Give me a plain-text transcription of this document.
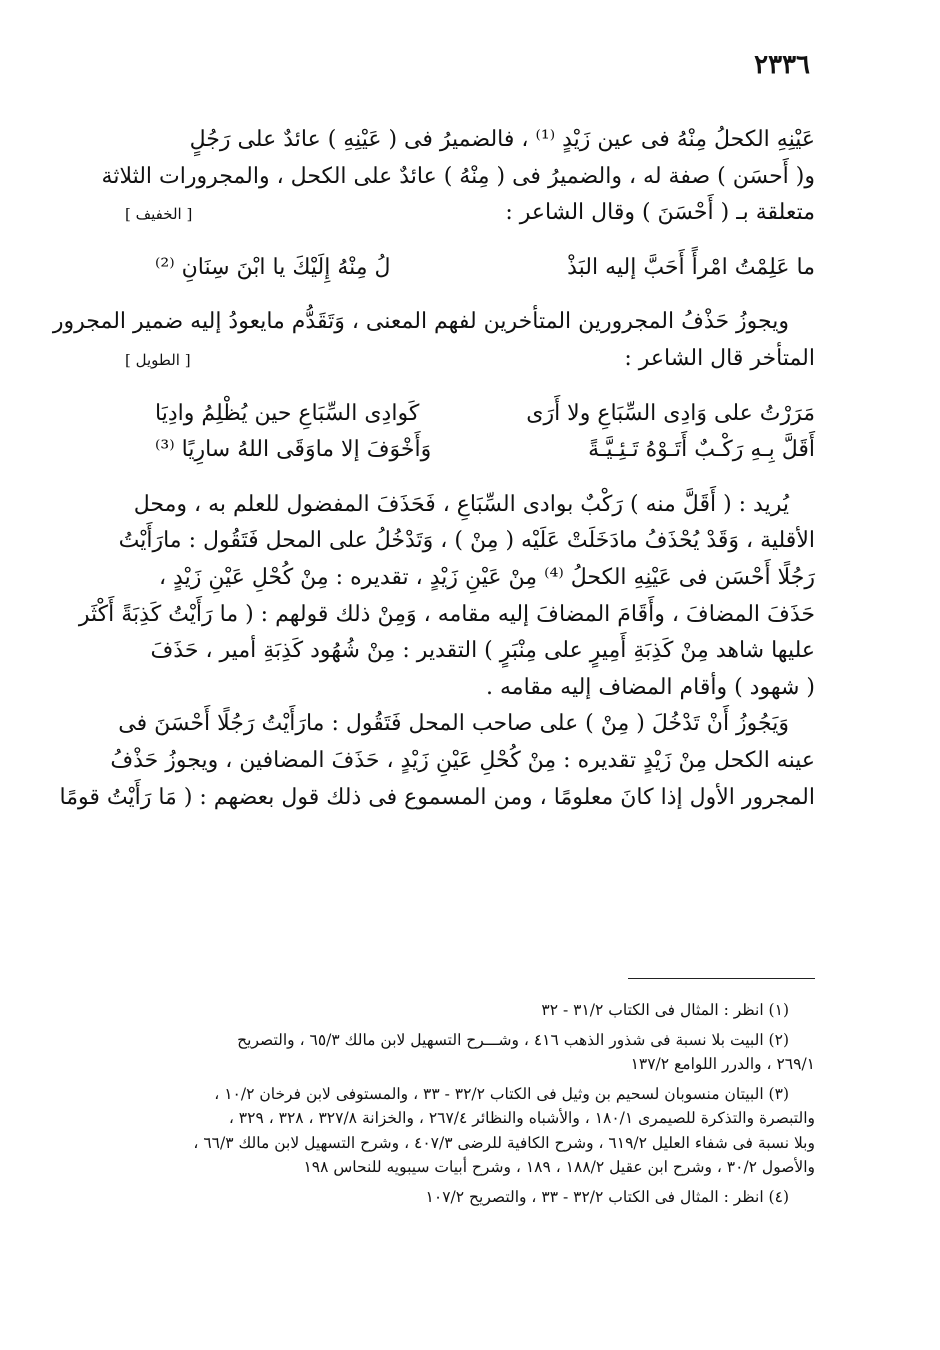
٢٣٣٦
عَيْنِهِ الكحلُ مِنْهُ فى عين زَيْدٍ ⁽¹⁾ ، فالضميرُ فى ( عَيْنِهِ ) عائدٌ على رَجُلٍ
و( أَحسَن ) صفة له ، والضميرُ فى ( مِنْهُ ) عائدٌ على الكحل ، والمجرورات الثلاثة
متعلقة بـ ( أَحْسَنَ ) وقال الشاعر :
[ الخفيف ]
ما عَلِمْتُ امْرأً أَحَبَّ إليه البَذْ
لُ مِنْهُ إِلَيْكَ يا ابْنَ سِنَانِ ⁽²⁾
ويجوزُ حَذْفُ المجرورين المتأخرين لفهم المعنى ، وَتَقَدُّم مايعودُ إليه ضمير المجرور
المتأخر قال الشاعر :
[ الطويل ]
مَرَرْتُ على وَادِى السِّبَاعِ ولا أَرَى
كَوادِى السِّبَاعِ حين يُظْلِمُ وادِيَا
أَقَلَّ بِـهِ رَكْـبٌ أَتَـوْهُ تَـئِـيَّـةً
وَأَخْوَفَ إلا ماوَقَى اللهُ سارِيًا ⁽³⁾
يُريد : ( أَقَلَّ منه ) رَكْبٌ بوادى السِّبَاعِ ، فَحَذَفَ المفضول للعلم به ، ومحل
الأقلية ، وَقَدْ يُحْذَفُ مادَخَلَتْ عَلَيْه ( مِنْ ) ، وَتَدْخُلُ على المحل فَتَقُول : مارَأَيْتُ
رَجُلًا أَحْسَن فى عَيْنِهِ الكحلُ ⁽⁴⁾ مِنْ عَيْنِ زَيْدٍ ، تقديره : مِنْ كُحْلِ عَيْنِ زَيْدٍ ،
حَذَفَ المضافَ ، وأَقَامَ المضافَ إليه مقامه ، وَمِنْ ذلك قولهم : ( ما رَأَيْتُ كَذِبَةً أَكْثَر
عليها شاهد مِنْ كَذِبَةِ أَمِيرٍ على مِنْبَرٍ ) التقدير : مِنْ شُهُود كَذِبَةِ أمير ، حَذَفَ
( شهود ) وأقام المضاف إليه مقامه .
وَيَجُوزُ أَنْ تَدْخُلَ ( مِنْ ) على صاحب المحل فَتَقُول : مارَأَيْتُ رَجُلًا أَحْسَنَ فى
عينه الكحل مِنْ زَيْدٍ تقديره : مِنْ كُحْلِ عَيْنِ زَيْدٍ ، حَذَفَ المضافين ، ويجوزُ حَذْفُ
المجرور الأول إذا كانَ معلومًا ، ومن المسموع فى ذلك قول بعضهم : ( مَا رَأَيْتُ قومًا
(١) انظر : المثال فى الكتاب ٣١/٢ - ٣٢
(٢) البيت بلا نسبة فى شذور الذهب ٤١٦ ، وشـــرح التسهيل لابن مالك ٦٥/٣ ، والتصريح
٢٦٩/١ ، والدرر اللوامع ١٣٧/٢
(٣) البيتان منسوبان لسحيم بن وثيل فى الكتاب ٣٢/٢ - ٣٣ ، والمستوفى لابن فرخان ١٠/٢ ،
والتبصرة والتذكرة للصيمرى ١٨٠/١ ، والأشباه والنظائر ٢٦٧/٤ ، والخزانة ٣٢٧/٨ ، ٣٢٨ ، ٣٢٩ ،
وبلا نسبة فى شفاء العليل ٦١٩/٢ ، وشرح الكافية للرضى ٤٠٧/٣ ، وشرح التسهيل لابن مالك ٦٦/٣ ،
والأصول ٣٠/٢ ، وشرح ابن عقيل ١٨٨/٢ ، ١٨٩ ، وشرح أبيات سيبويه للنحاس ١٩٨
(٤) انظر : المثال فى الكتاب ٣٢/٢ - ٣٣ ، والتصريح ١٠٧/٢
